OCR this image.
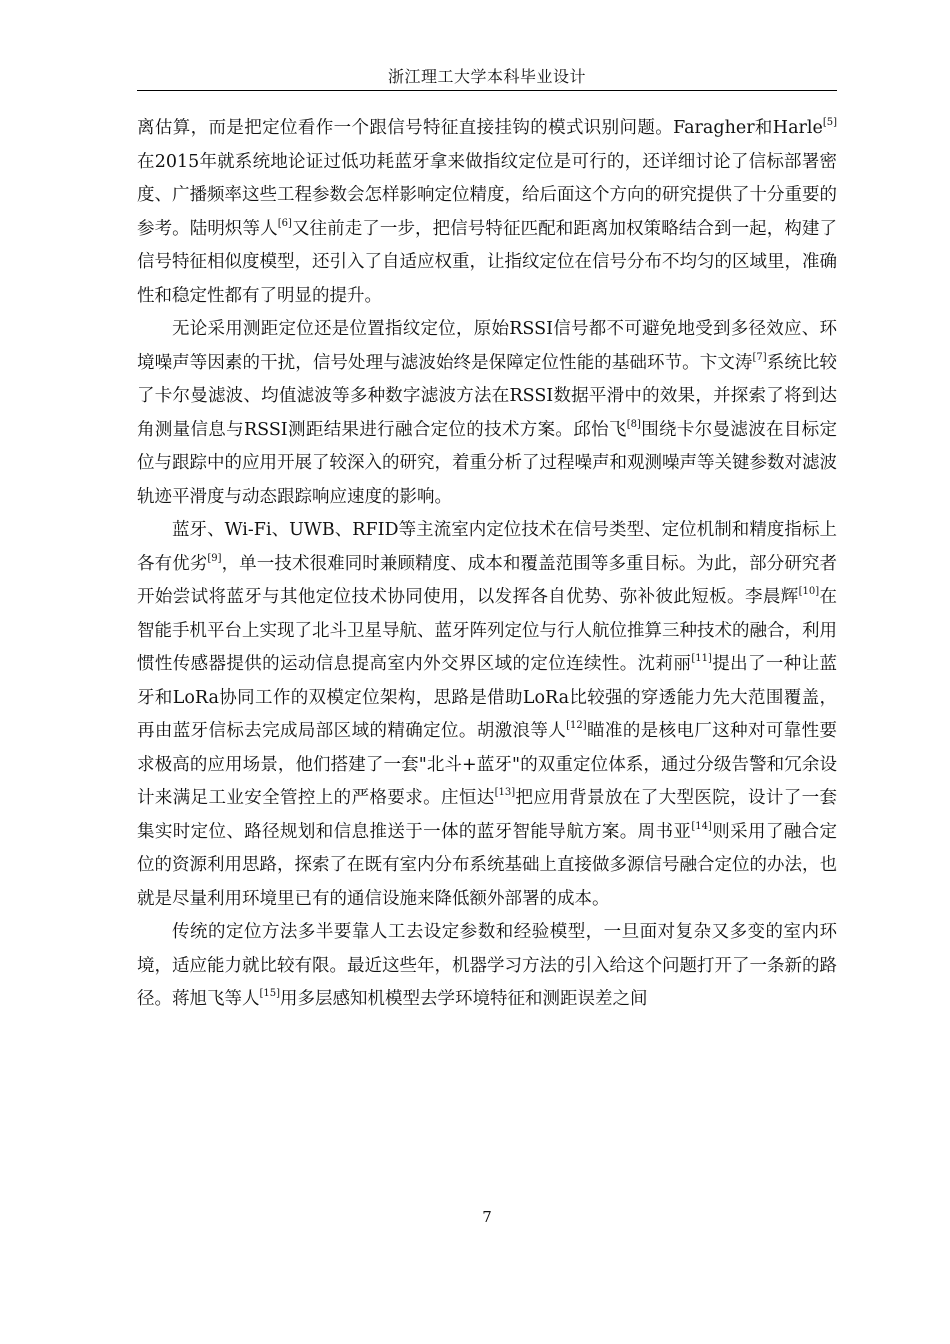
浙江理工大学本科毕业设计

离估算，而是把定位看作一个跟信号特征直接挂钩的模式识别问题。Faragher和Harle[5]在2015年就系统地论证过低功耗蓝牙拿来做指纹定位是可行的，还详细讨论了信标部署密度、广播频率这些工程参数会怎样影响定位精度，给后面这个方向的研究提供了十分重要的参考。陆明炽等人[6]又往前走了一步，把信号特征匹配和距离加权策略结合到一起，构建了信号特征相似度模型，还引入了自适应权重，让指纹定位在信号分布不均匀的区域里，准确性和稳定性都有了明显的提升。

无论采用测距定位还是位置指纹定位，原始RSSI信号都不可避免地受到多径效应、环境噪声等因素的干扰，信号处理与滤波始终是保障定位性能的基础环节。卞文涛[7]系统比较了卡尔曼滤波、均值滤波等多种数字滤波方法在RSSI数据平滑中的效果，并探索了将到达角测量信息与RSSI测距结果进行融合定位的技术方案。邱怡飞[8]围绕卡尔曼滤波在目标定位与跟踪中的应用开展了较深入的研究，着重分析了过程噪声和观测噪声等关键参数对滤波轨迹平滑度与动态跟踪响应速度的影响。

蓝牙、Wi-Fi、UWB、RFID等主流室内定位技术在信号类型、定位机制和精度指标上各有优劣[9]，单一技术很难同时兼顾精度、成本和覆盖范围等多重目标。为此，部分研究者开始尝试将蓝牙与其他定位技术协同使用，以发挥各自优势、弥补彼此短板。李晨辉[10]在智能手机平台上实现了北斗卫星导航、蓝牙阵列定位与行人航位推算三种技术的融合，利用惯性传感器提供的运动信息提高室内外交界区域的定位连续性。沈莉丽[11]提出了一种让蓝牙和LoRa协同工作的双模定位架构，思路是借助LoRa比较强的穿透能力先大范围覆盖，再由蓝牙信标去完成局部区域的精确定位。胡激浪等人[12]瞄准的是核电厂这种对可靠性要求极高的应用场景，他们搭建了一套"北斗+蓝牙"的双重定位体系，通过分级告警和冗余设计来满足工业安全管控上的严格要求。庄恒达[13]把应用背景放在了大型医院，设计了一套集实时定位、路径规划和信息推送于一体的蓝牙智能导航方案。周书亚[14]则采用了融合定位的资源利用思路，探索了在既有室内分布系统基础上直接做多源信号融合定位的办法，也就是尽量利用环境里已有的通信设施来降低额外部署的成本。

传统的定位方法多半要靠人工去设定参数和经验模型，一旦面对复杂又多变的室内环境，适应能力就比较有限。最近这些年，机器学习方法的引入给这个问题打开了一条新的路径。蒋旭飞等人[15]用多层感知机模型去学环境特征和测距误差之间

7
